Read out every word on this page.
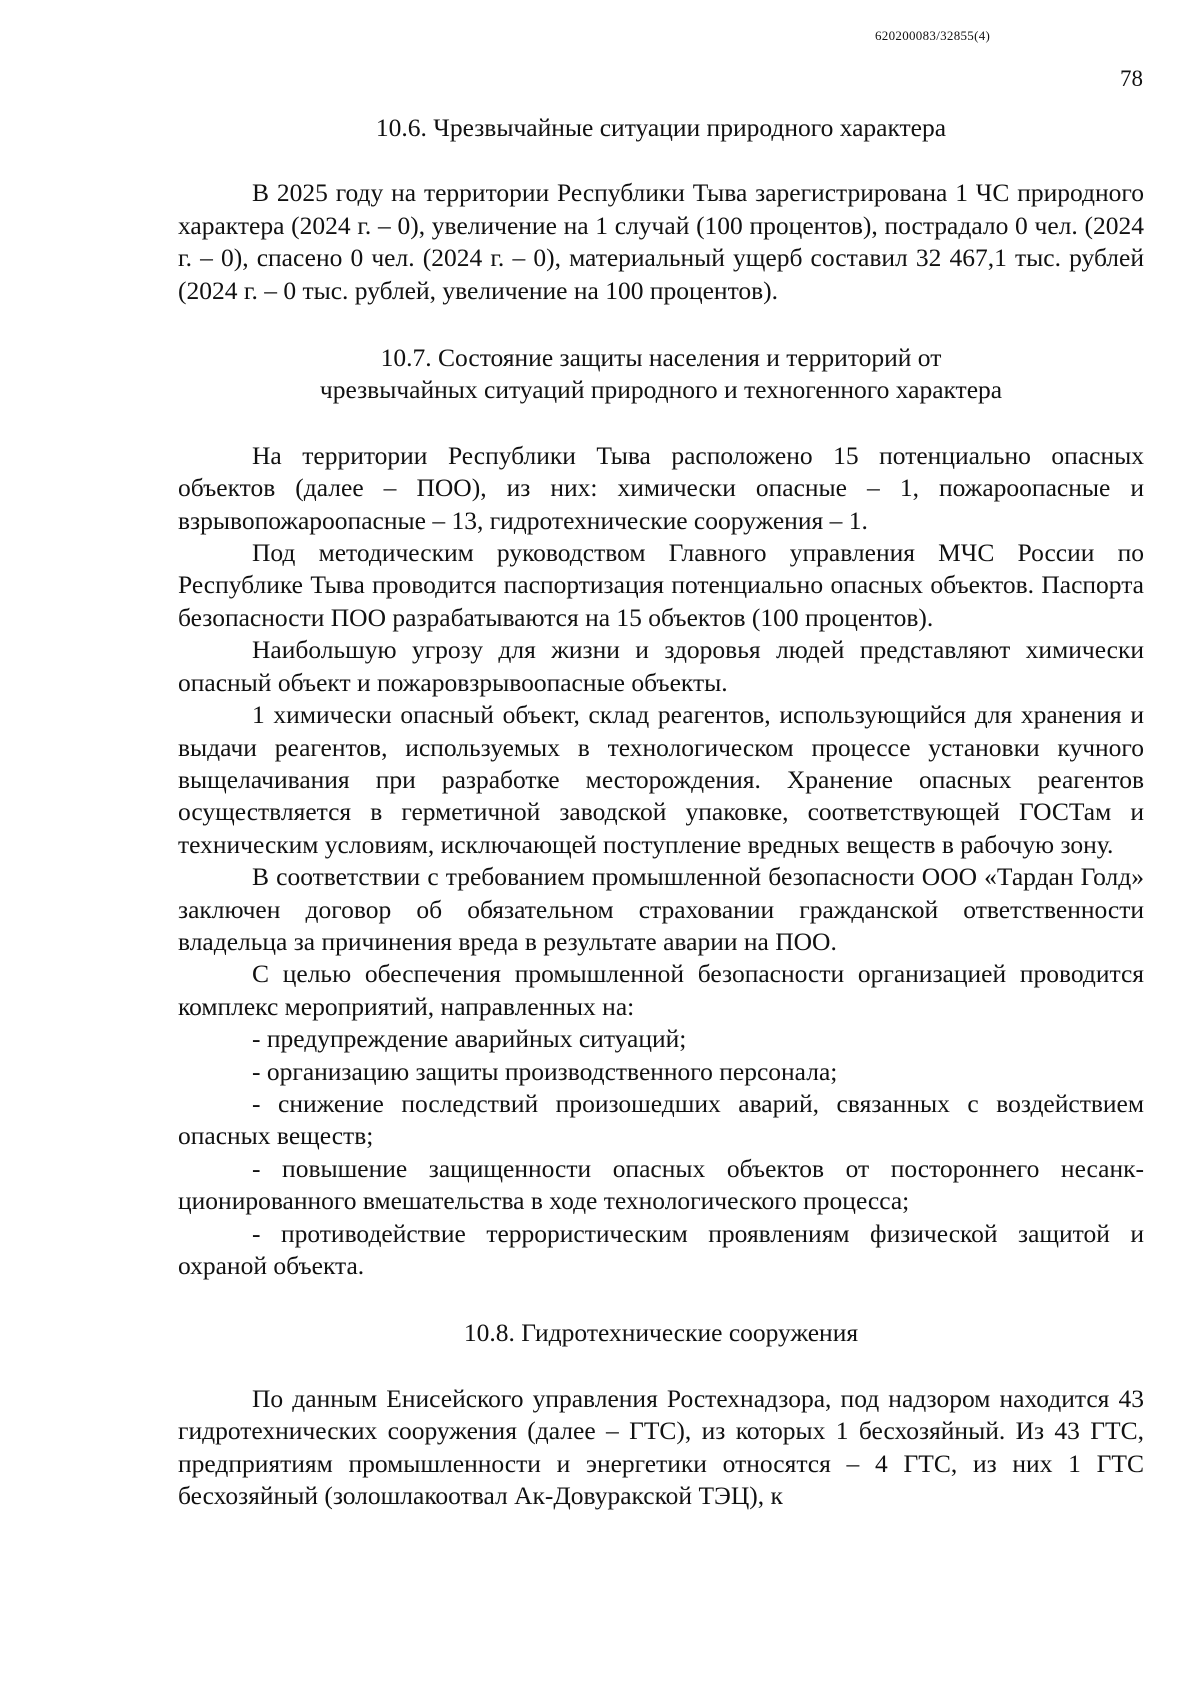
620200083/32855(4)
78
10.6. Чрезвычайные ситуации природного характера

В 2025 году на территории Республики Тыва зарегистрирована 1 ЧС природного характера (2024 г. – 0), увеличение на 1 случай (100 процентов), пострадало 0 чел. (2024 г. – 0), спасено 0 чел. (2024 г. – 0), материальный ущерб составил 32 467,1 тыс. рублей (2024 г. – 0 тыс. рублей, увеличение на 100 процентов).

10.7. Состояние защиты населения и территорий от
чрезвычайных ситуаций природного и техногенного характера

На территории Республики Тыва расположено 15 потенциально опасных объектов (далее – ПОО), из них: химически опасные – 1, пожароопасные и взрывопожароопасные – 13, гидротехнические сооружения – 1.

Под методическим руководством Главного управления МЧС России по Республике Тыва проводится паспортизация потенциально опасных объектов. Паспорта безопасности ПОО разрабатываются на 15 объектов (100 процентов).

Наибольшую угрозу для жизни и здоровья людей представляют химически опасный объект и пожаровзрывоопасные объекты.

1 химически опасный объект, склад реагентов, использующийся для хранения и выдачи реагентов, используемых в технологическом процессе установки кучного выщелачивания при разработке месторождения. Хранение опасных реагентов осуществляется в герметичной заводской упаковке, соответствующей ГОСТам и техническим условиям, исключающей поступление вредных веществ в рабочую зону.

В соответствии с требованием промышленной безопасности ООО «Тардан Голд» заключен договор об обязательном страховании гражданской ответственности владельца за причинения вреда в результате аварии на ПОО.

С целью обеспечения промышленной безопасности организацией проводится комплекс мероприятий, направленных на:

- предупреждение аварийных ситуаций;

- организацию защиты производственного персонала;

- снижение последствий произошедших аварий, связанных с воздействием опасных веществ;

- повышение защищенности опасных объектов от постороннего несанкционированного вмешательства в ходе технологического процесса;

- противодействие террористическим проявлениям физической защитой и охраной объекта.

10.8. Гидротехнические сооружения

По данным Енисейского управления Ростехнадзора, под надзором находится 43 гидротехнических сооружения (далее – ГТС), из которых 1 бесхозяйный. Из 43 ГТС, предприятиям промышленности и энергетики относятся – 4 ГТС, из них 1 ГТС бесхозяйный (золошлакоотвал Ак-Довуракской ТЭЦ), к
